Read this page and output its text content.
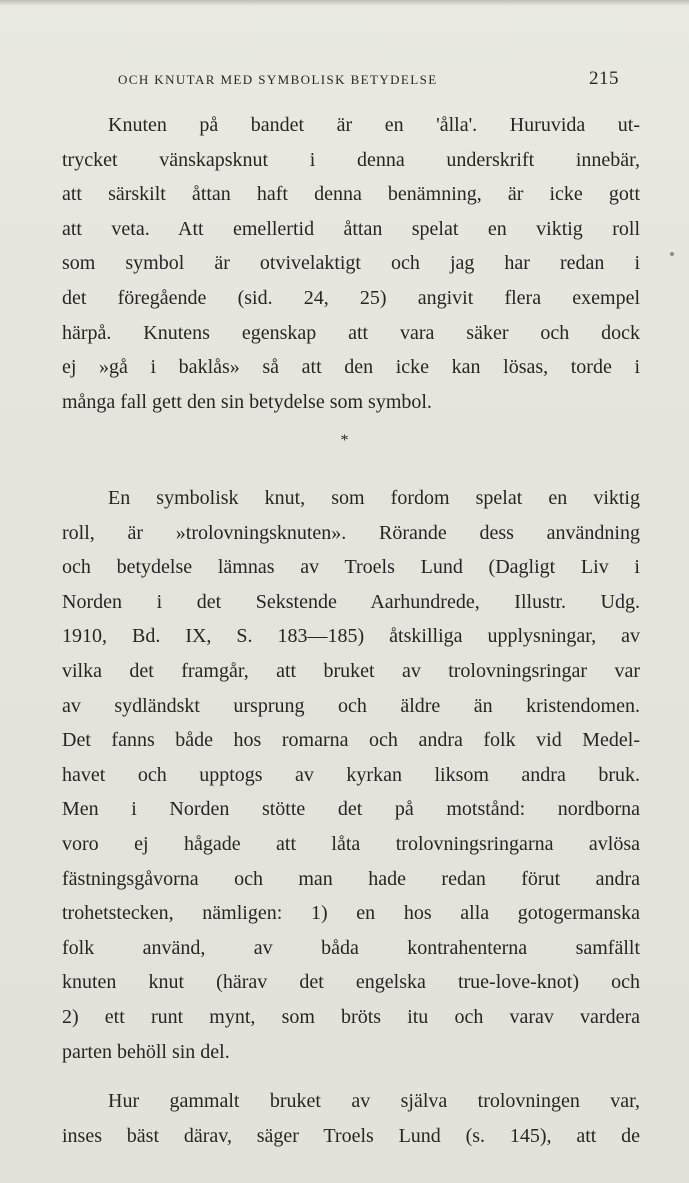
OCH KNUTAR MED SYMBOLISK BETYDELSE	215
Knuten på bandet är en 'ålla'. Huruvida ut-
trycket vänskapsknut i denna underskrift innebär,
att särskilt åttan haft denna benämning, är icke gott
att veta. Att emellertid åttan spelat en viktig roll
som symbol är otvivelaktigt och jag har redan i
det föregående (sid. 24, 25) angivit flera exempel
härpå. Knutens egenskap att vara säker och dock
ej »gå i baklås» så att den icke kan lösas, torde i
många fall gett den sin betydelse som symbol.
*
En symbolisk knut, som fordom spelat en viktig
roll, är »trolovningsknuten». Rörande dess användning
och betydelse lämnas av Troels Lund (Dagligt Liv i
Norden i det Sekstende Aarhundrede, Illustr. Udg.
1910, Bd. IX, S. 183—185) åtskilliga upplysningar, av
vilka det framgår, att bruket av trolovningsringar var
av sydländskt ursprung och äldre än kristendomen.
Det fanns både hos romarna och andra folk vid Medel-
havet och upptogs av kyrkan liksom andra bruk.
Men i Norden stötte det på motstånd: nordborna
voro ej hågade att låta trolovningsringarna avlösa
fästningsgåvorna och man hade redan förut andra
trohetstecken, nämligen: 1) en hos alla gotogermanska
folk använd, av båda kontrahenterna samfällt
knuten knut (härav det engelska true-love-knot) och
2) ett runt mynt, som bröts itu och varav vardera
parten behöll sin del.
Hur gammalt bruket av själva trolovningen var,
inses bäst därav, säger Troels Lund (s. 145), att de
